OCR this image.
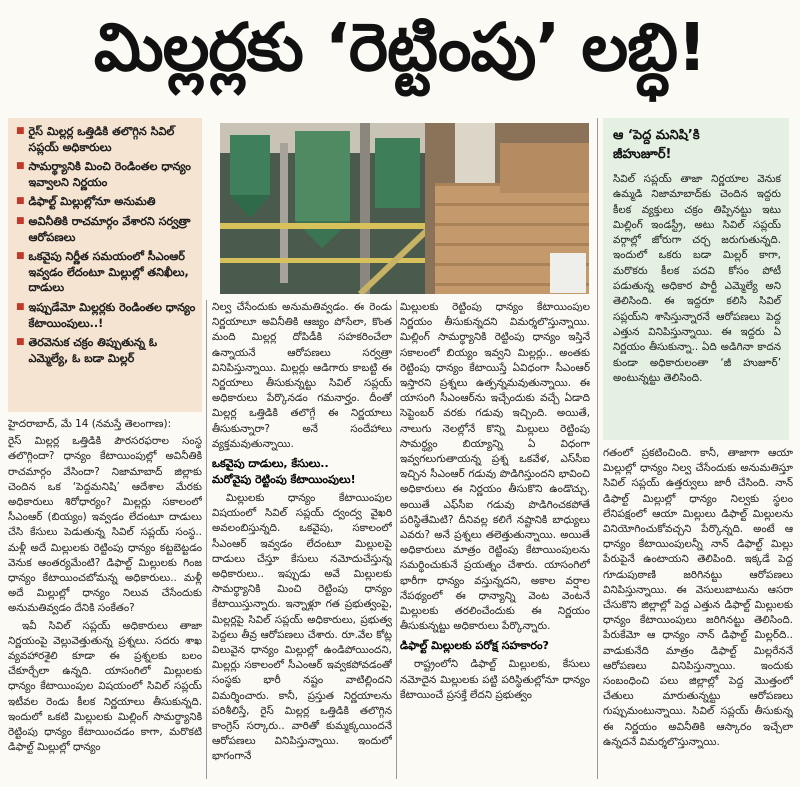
మిల్లర్లకు ‘రెట్టింపు’ లబ్ధి!
■ రైస్ మిల్లర్ల ఒత్తిడికి తలొగ్గిన సివిల్ సప్లయ్ అధికారులు
■ సామర్థ్యానికి మించి రెండింతల ధాన్యం ఇవ్వాలని నిర్ణయం
■ డిఫాల్ట్ మిల్లుల్లోనూ అనుమతి
■ అవినీతికి రాచమార్గం వేశారని సర్వత్రా ఆరోపణలు
■ ఒకవైపు నిర్ణీత సమయంలో సీఎంఆర్ ఇవ్వడం లేదంటూ మిల్లుల్లో తనిఖీలు, దాడులు
■ ఇప్పుడేమో మిల్లర్లకు రెండింతల ధాన్యం కేటాయింపులు..!
■ తెరవెనుక చక్రం తిప్పుతున్న ఓ ఎమ్మెల్యే, ఓ బడా మిల్లర్

హైదరాబాద్, మే 14 (నమస్తే తెలంగాణ):

రైస్ మిల్లర్ల ఒత్తిడికి పౌరసరఫరాల సంస్థ తలొగ్గిందా? ధాన్యం కేటాయింపుల్లో అవినీతికి రాచమార్గం వేసిందా? నిజామాబాద్ జిల్లాకు చెందిన ఒక ‘పెద్దమనిషి’ ఆదేశాల మేరకు అధికారులు శిరోధార్యం? మిల్లర్లు సకాలంలో సీఎంఆర్ (బియ్యం) ఇవ్వడం లేదంటూ దాడులు చేసి కేసులు పెడుతున్న సివిల్ సప్లయ్ సంస్థ.. మళ్లీ అదే మిల్లులకు రెట్టింపు ధాన్యం కట్టబెట్టడం వెనుక ఆంతర్యమేంటి? డిఫాల్ట్ మిల్లులకు గింజ ధాన్యం కేటాయించబోమన్న అధికారులు.. మళ్లీ అదే మిల్లుల్లో ధాన్యం నిలువ చేసేందుకు అనుమతివ్వడం దేనికి సంకేతం?

ఇవీ సివిల్ సప్లయ్ అధికారులు తాజా నిర్ణయంపై వెల్లువెత్తుతున్న ప్రశ్నలు. సదరు శాఖ వ్యవహారశైలి కూడా ఈ ప్రశ్నలకు బలం చేకూర్చేలా ఉన్నది. యాసంగిలో మిల్లులకు ధాన్యం కేటాయింపుల విషయంలో సివిల్ సప్లయ్ ఇటీవల రెండు కీలక నిర్ణయాలు తీసుకున్నది. ఇందులో ఒకటి మిల్లులకు మిల్లింగ్ సామర్థ్యానికి రెట్టింపు ధాన్యం కేటాయించడం కాగా, మరొకటి డిఫాల్ట్ మిల్లుల్లో ధాన్యం

నిల్వ చేసేందుకు అనుమతివ్వడం. ఈ రెండు నిర్ణయాలూ అవినీతికి ఆజ్యం పోసేలా, కొంత మంది మిల్లర్ల దోపిడీకి సహకరించేలా ఉన్నాయనే ఆరోపణలు సర్వత్రా వినిపిస్తున్నాయి. మిల్లర్లు ఆడిగారు కాబట్టి ఈ నిర్ణయాలు తీసుకున్నట్టు సివిల్ సప్లయ్ అధికారులు పేర్కొనడం గమనార్హం. దీంతో మిల్లర్ల ఒత్తిడికి తలొగ్గే ఈ నిర్ణయాలు తీసుకున్నారా? అనే సందేహాలు వ్యక్తమవుతున్నాయి.

ఒకవైపు దాడులు, కేసులు..
మరోవైపు రెట్టింపు కేటాయింపులు!

మిల్లులకు ధాన్యం కేటాయింపుల విషయంలో సివిల్ సప్లయ్ ద్వంద్వ వైఖరి అవలంబిస్తున్నది. ఒకవైపు, సకాలంలో సీఎంఆర్ ఇవ్వడం లేదంటూ మిల్లులపై దాడులు చేస్తూ కేసులు నమోదుచేస్తున్న అధికారులు.. ఇప్పుడు అవే మిల్లులకు సామర్థ్యానికి మించి రెట్టింపు ధాన్యం కేటాయిస్తున్నారు. ఇన్నాళ్లూ గత ప్రభుత్వంపై, మిల్లర్లపై సివిల్ సప్లయ్ అధికారులు, ప్రభుత్వ పెద్దలు తీవ్ర ఆరోపణలు చేశారు. రూ.వేల కోట్ల విలువైన ధాన్యం మిల్లుల్లో ఉండిపోయిందని, మిల్లర్లు సకాలంలో సీఎంఆర్ ఇవ్వకపోవడంతో సంస్థకు భారీ నష్టం వాటిల్లిందని విమర్శించారు. కానీ, ప్రస్తుత నిర్ణయాలను పరిశీలిస్తే, రైస్ మిల్లర్ల ఒత్తిడికి తలొగ్గిన కాంగ్రెస్ సర్కారు.. వారితో కుమ్మక్కయిందనే ఆరోపణలు వినిపిస్తున్నాయి. ఇందులో భాగంగానే

మిల్లులకు రెట్టింపు ధాన్యం కేటాయింపుల నిర్ణయం తీసుకున్నదని విమర్శలొస్తున్నాయి. మిల్లింగ్ సామర్థ్యానికి రెట్టింపు ధాన్యం ఇస్తినే సకాలంలో బియ్యం ఇవ్వని మిల్లర్లు.. అంతకు రెట్టింపు ధాన్యం కేటాయిస్తే ఏవిధంగా సీఎంఆర్ ఇస్తారని ప్రశ్నలు ఉత్పన్నమవుతున్నాయి. ఈ యాసంగి సీఎంఆర్‌ను ఇచ్చేందుకు వచ్చే ఏడాది సెప్టెంబర్ వరకు గడువు ఇచ్చింది. అయితే, నాలుగు నెలల్లోనే కొన్ని మిల్లులు రెట్టింపు సామర్థ్యం బియ్యాన్ని ఏ విధంగా ఇవ్వగలుగుతాయన్న ప్రశ్న ఒకవేళ, ఎస్‌సీఐ ఇచ్చిన సీఎంఆర్ గడువు పొడిగిస్తుందని భావించి అధికారులు ఈ నిర్ణయం తీసుకొని ఉండొచ్చు. అయితే ఎఫ్‌సీఐ గడువు పొడిగించకపోతే పరిస్థితేమిటి? దీనివల్ల కలిగే నష్టానికి బాధ్యులు ఎవరు? అనే ప్రశ్నలు తలెత్తుతున్నాయి. అయితే అధికారులు మాత్రం రెట్టింపు కేటాయింపులను సమర్థించుకునే ప్రయత్నం చేశారు. యాసంగిలో భారీగా ధాన్యం వస్తున్నదని, అకాల వర్షాల నేపథ్యంలో ఈ ధాన్యాన్ని వెంట వెంటనే మిల్లులకు తరలించేందుకు ఈ నిర్ణయం తీసుకున్నట్టు అధికారులు పేర్కొన్నారు.

డిఫాల్ట్ మిల్లులకు పరోక్ష సహకారం?

రాష్ట్రంలోని డిఫాల్ట్ మిల్లులకు, కేసులు నమోదైన మిల్లులకు పట్టి పరిస్థితుల్లోనూ ధాన్యం కేటాయించే ప్రసక్తే లేదని ప్రభుత్వం

ఆ ‘పెద్ద మనిషి’కి
జీహుజూర్!
సివిల్ సప్లయ్ తాజా నిర్ణయాల వెనుక ఉమ్మడి నిజామాబాద్‌కు చెందిన ఇద్దరు కీలక వ్యక్తులు చక్రం తిప్పినట్టు ఇటు మిల్లింగ్ ఇండస్ట్రీ, అటు సివిల్ సప్లయ్ వర్గాల్లో జోరుగా చర్చ జరుగుతున్నది. ఇందులో ఒకరు బడా మిల్లర్ కాగా, మరొకరు కీలక పదవి కోసం పోటీ పడుతున్న అధికార పార్టీ ఎమ్మెల్యే అని తెలిసింది. ఈ ఇద్దరూ కలిసి సివిల్ సప్లయ్‌ని శాసిస్తున్నారనే ఆరోపణలు పెద్ద ఎత్తున వినిపిస్తున్నాయి. ఈ ఇద్దరు ఏ నిర్ణయం తీసుకున్నా.. ఏది అడిగినా కాదన కుండా అధికారులంతా ‘జీ హుజూర్’ అంటున్నట్టు తెలిసింది.

గతంలో ప్రకటించింది. కానీ, తాజాగా ఆయా మిల్లుల్లో ధాన్యం నిల్వ చేసేందుకు అనుమతిస్తూ సివిల్ సప్లయ్ ఉత్తర్వులు జారీ చేసింది. నాన్ డిఫాల్ట్ మిల్లుల్లో ధాన్యం నిల్వకు స్థలం లేనిపక్షంలో ఆయా మిల్లులు డిఫాల్ట్ మిల్లులను వినియోగించుకోవచ్చని పేర్కొన్నది. అంటే ఆ ధాన్యం కేటాయింపులన్నీ నాన్ డిఫాల్ట్ మిల్లు పేరుపైనే ఉంటాయని తెలిపింది. ఇక్కడే పెద్ద గూడుపుఠాణి జరిగినట్టు ఆరోపణలు వినిపిస్తున్నాయి. ఈ వెసులుబాటును ఆసరా చేసుకొని జిల్లాల్లో పెద్ద ఎత్తున డిఫాల్ట్ మిల్లులకు ధాన్యం కేటాయింపులు జరిగినట్టు తెలిసింది. పేరుకేమో ఆ ధాన్యం నాన్ డిఫాల్ట్ మిల్లర్‌ది.. వాడుకునేది మాత్రం డిఫాల్ట్ మిల్లరేననే ఆరోపణలు వినిపిస్తున్నాయి. ఇందుకు సంబంధించి పలు జిల్లాల్లో పెద్ద మొత్తంలో చేతులు మారుతున్నట్టు ఆరోపణలు గుప్పుమంటున్నాయి. సివిల్ సప్లయ్ తీసుకున్న ఈ నిర్ణయం అవినీతికి ఆస్కారం ఇచ్చేలా ఉన్నదనే విమర్శలొస్తున్నాయి.
